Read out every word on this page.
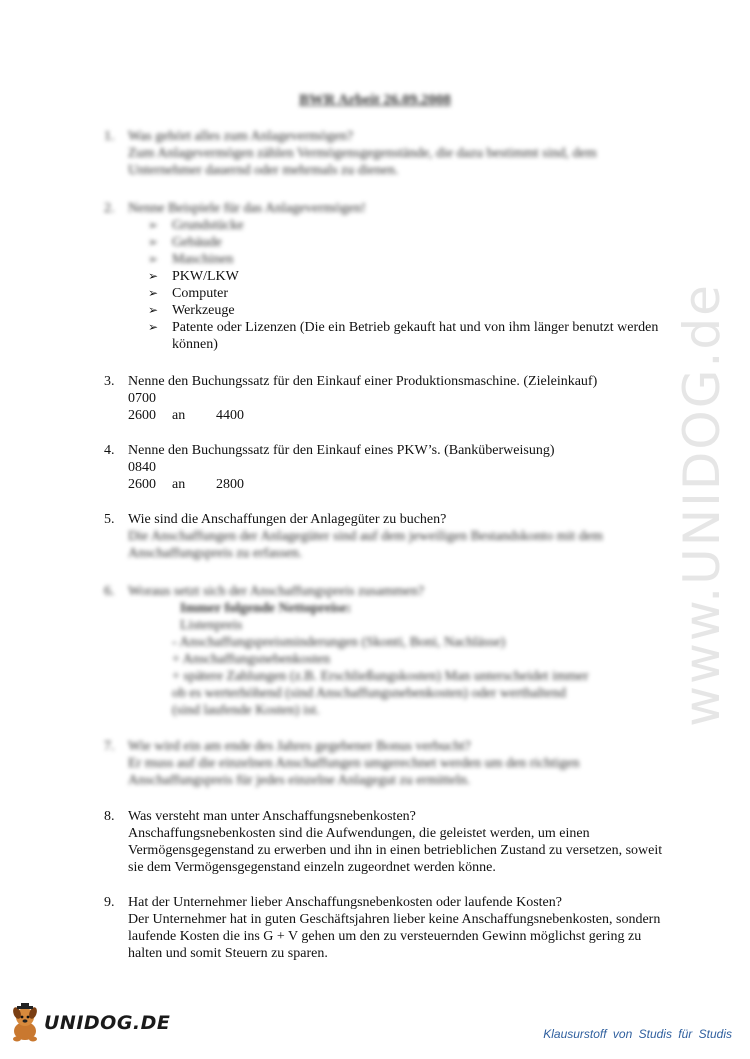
BWR Arbeit 26.09.2008
1. Was gehört alles zum Anlagevermögen?
Zum Anlagevermögen zählen Vermögensgegenstände, die dazu bestimmt sind, dem Unternehmer dauernd oder mehrmals zu dienen.
2. Nenne Beispiele für das Anlagevermögen!
➢ Grundstücke
➢ Gebäude
➢ Maschinen
➢ PKW/LKW
➢ Computer
➢ Werkzeuge
➢ Patente oder Lizenzen (Die ein Betrieb gekauft hat und von ihm länger benutzt werden können)
3. Nenne den Buchungssatz für den Einkauf einer Produktionsmaschine. (Zieleinkauf)
0700
2600	an	4400
4. Nenne den Buchungssatz für den Einkauf eines PKW’s. (Banküberweisung)
0840
2600	an	2800
5. Wie sind die Anschaffungen der Anlagegüter zu buchen?
Die Anschaffungen der Anlagegüter sind auf dem jeweiligen Bestandskonto mit dem Anschaffungspreis zu erfassen.
6. Woraus setzt sich der Anschaffungspreis zusammen?
Immer folgende Nettopreise:
Listenpreis
- Anschaffungspreisminderungen (Skonti, Boni, Nachlässe)
+ Anschaffungsnebenkosten
+ spätere Zahlungen (z.B. Erschließungskosten) Man unterscheidet immer ob es werterhöhend (sind Anschaffungsnebenkosten) oder werthaltend (sind laufende Kosten) ist.
7. Wie wird ein am ende des Jahres gegebener Bonus verbucht?
Er muss auf die einzelnen Anschaffungen umgerechnet werden um den richtigen Anschaffungspreis für jedes einzelne Anlagegut zu ermitteln.
8. Was versteht man unter Anschaffungsnebenkosten?
Anschaffungsnebenkosten sind die Aufwendungen, die geleistet werden, um einen Vermögensgegenstand zu erwerben und ihn in einen betrieblichen Zustand zu versetzen, soweit sie dem Vermögensgegenstand einzeln zugeordnet werden könne.
9. Hat der Unternehmer lieber Anschaffungsnebenkosten oder laufende Kosten?
Der Unternehmer hat in guten Geschäftsjahren lieber keine Anschaffungsnebenkosten, sondern laufende Kosten die ins G + V gehen um den zu versteuernden Gewinn möglichst gering zu halten und somit Steuern zu sparen.
www.UNIDOG.de
UNIDOG.DE	Klausurstoff von Studis für Studis
